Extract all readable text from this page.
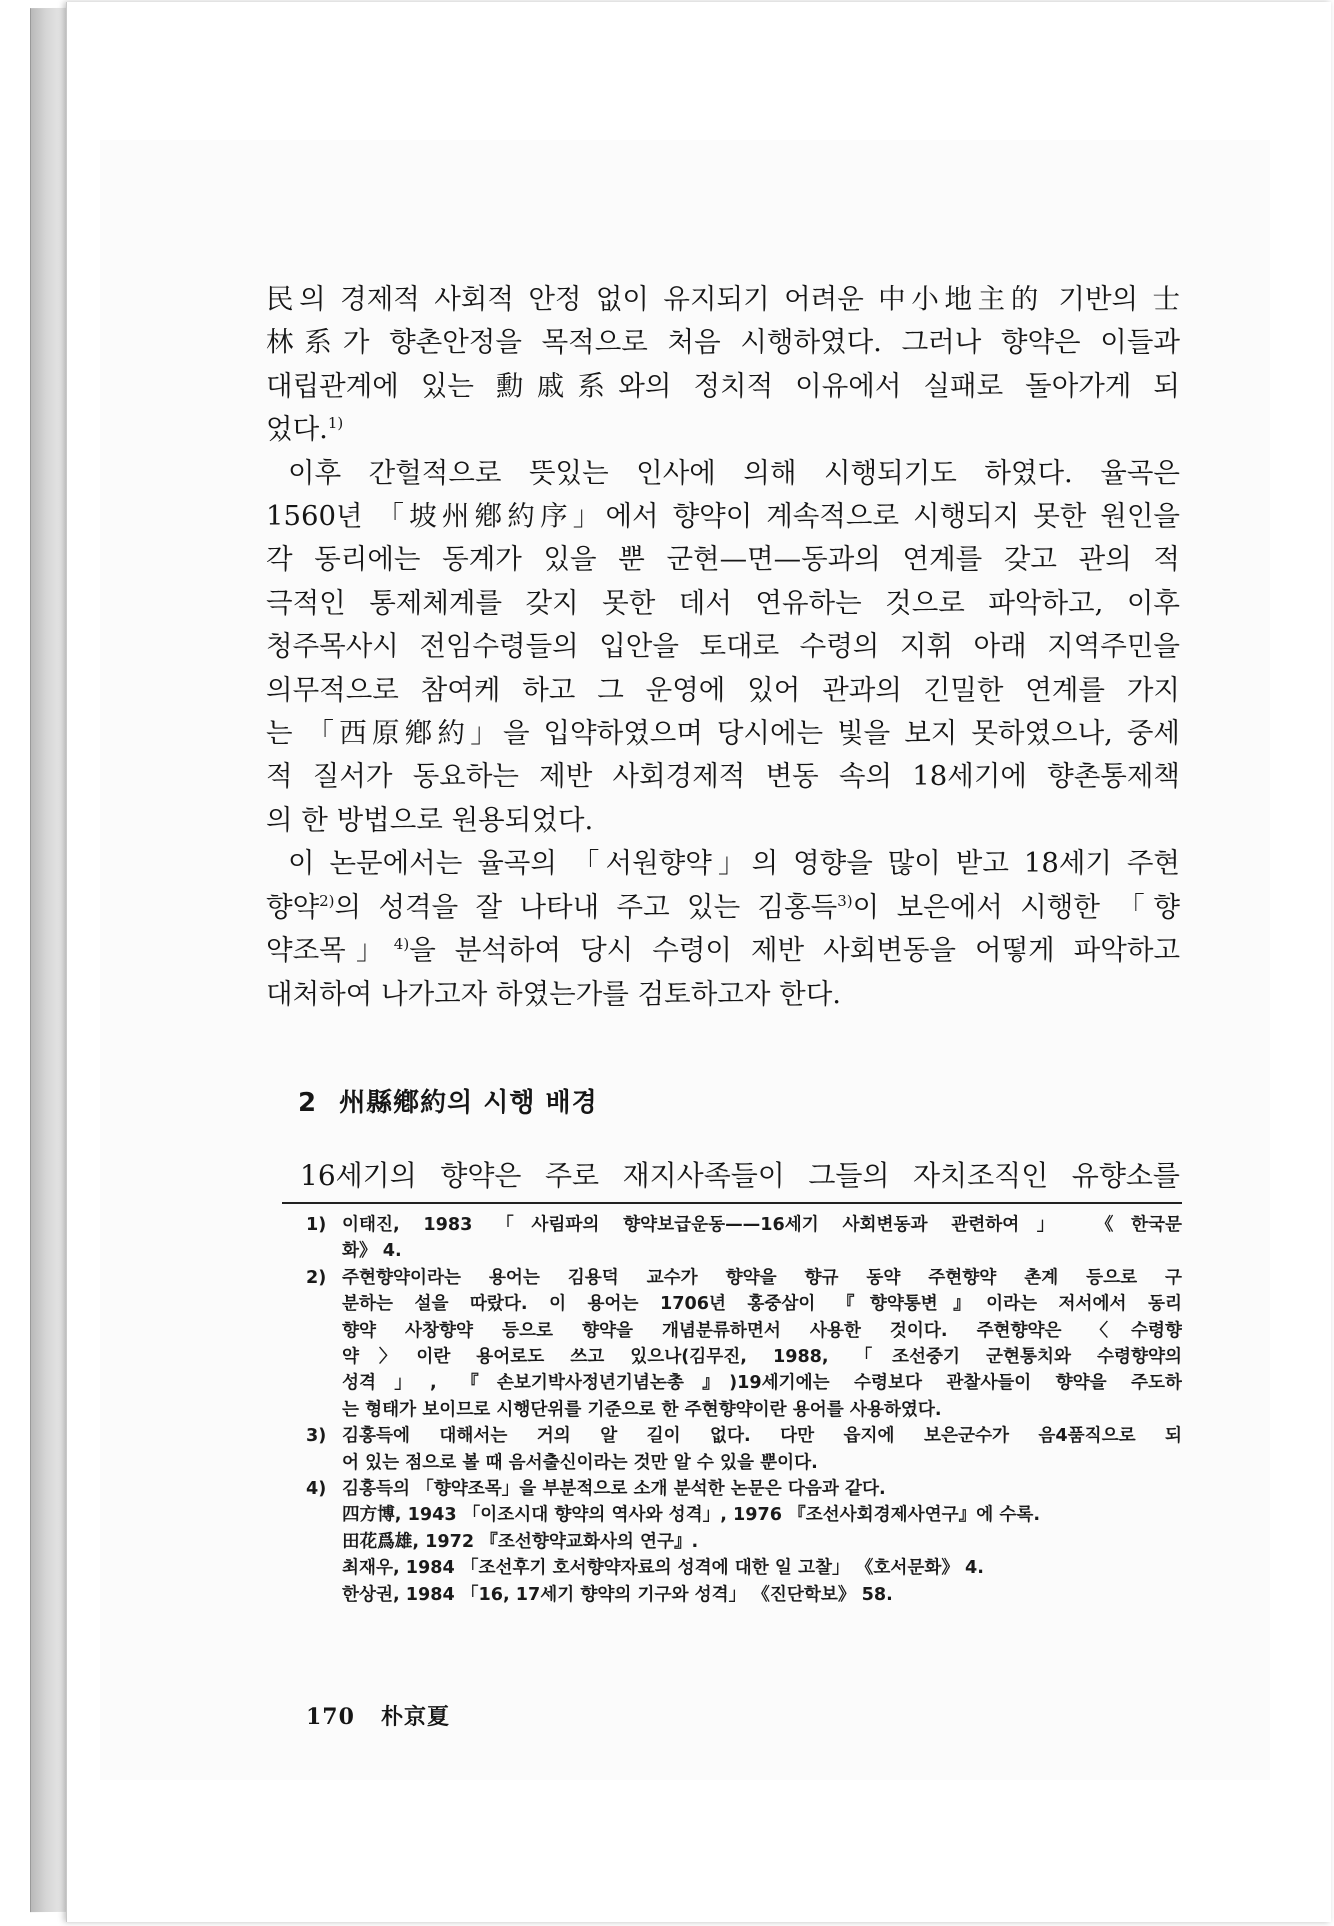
民의 경제적 사회적 안정 없이 유지되기 어려운 中小地主的 기반의 士
林系가 향촌안정을 목적으로 처음 시행하였다. 그러나 향약은 이들과
대립관계에 있는 勳戚系와의 정치적 이유에서 실패로 돌아가게 되
었다.$^{1)}$
이후 간헐적으로 뜻있는 인사에 의해 시행되기도 하였다. 율곡은
1560년 「坡州鄕約序」에서 향약이 계속적으로 시행되지 못한 원인을
각 동리에는 동계가 있을 뿐 군현—면—동과의 연계를 갖고 관의 적
극적인 통제체계를 갖지 못한 데서 연유하는 것으로 파악하고, 이후
청주목사시 전임수령들의 입안을 토대로 수령의 지휘 아래 지역주민을
의무적으로 참여케 하고 그 운영에 있어 관과의 긴밀한 연계를 가지
는 「西原鄕約」을 입약하였으며 당시에는 빛을 보지 못하였으나, 중세
적 질서가 동요하는 제반 사회경제적 변동 속의 18세기에 향촌통제책
의 한 방법으로 원용되었다.
이 논문에서는 율곡의 「서원향약」의 영향을 많이 받고 18세기 주현
향약$^{2)}$의 성격을 잘 나타내 주고 있는 김홍득$^{3)}$이 보은에서 시행한 「향
약조목」$^{4)}$을 분석하여 당시 수령이 제반 사회변동을 어떻게 파악하고
대처하여 나가고자 하였는가를 검토하고자 한다.
2 州縣鄕約의 시행 배경
16세기의 향약은 주로 재지사족들이 그들의 자치조직인 유향소를
1) 이태진, 1983 「사림파의 향약보급운동——16세기 사회변동과 관련하여」 《한국문
화》 4.
2) 주현향약이라는 용어는 김용덕 교수가 향약을 향규 동약 주현향약 촌계 등으로 구
분하는 설을 따랐다. 이 용어는 1706년 홍중삼이 『향약통변』이라는 저서에서 동리
향약 사창향약 등으로 향약을 개념분류하면서 사용한 것이다. 주현향약은 〈수령향
약〉이란 용어로도 쓰고 있으나(김무진, 1988, 「조선중기 군현통치와 수령향약의
성격」, 『손보기박사정년기념논총』)19세기에는 수령보다 관찰사들이 향약을 주도하
는 형태가 보이므로 시행단위를 기준으로 한 주현향약이란 용어를 사용하였다.
3) 김홍득에 대해서는 거의 알 길이 없다. 다만 읍지에 보은군수가 음4품직으로 되
어 있는 점으로 볼 때 음서출신이라는 것만 알 수 있을 뿐이다.
4) 김홍득의 「향약조목」을 부분적으로 소개 분석한 논문은 다음과 같다.
四方博, 1943 「이조시대 향약의 역사와 성격」, 1976 『조선사회경제사연구』에 수록.
田花爲雄, 1972 『조선향약교화사의 연구』.
최재우, 1984 「조선후기 호서향약자료의 성격에 대한 일 고찰」 《호서문화》 4.
한상권, 1984 「16, 17세기 향약의 기구와 성격」 《진단학보》 58.
170 朴京夏
